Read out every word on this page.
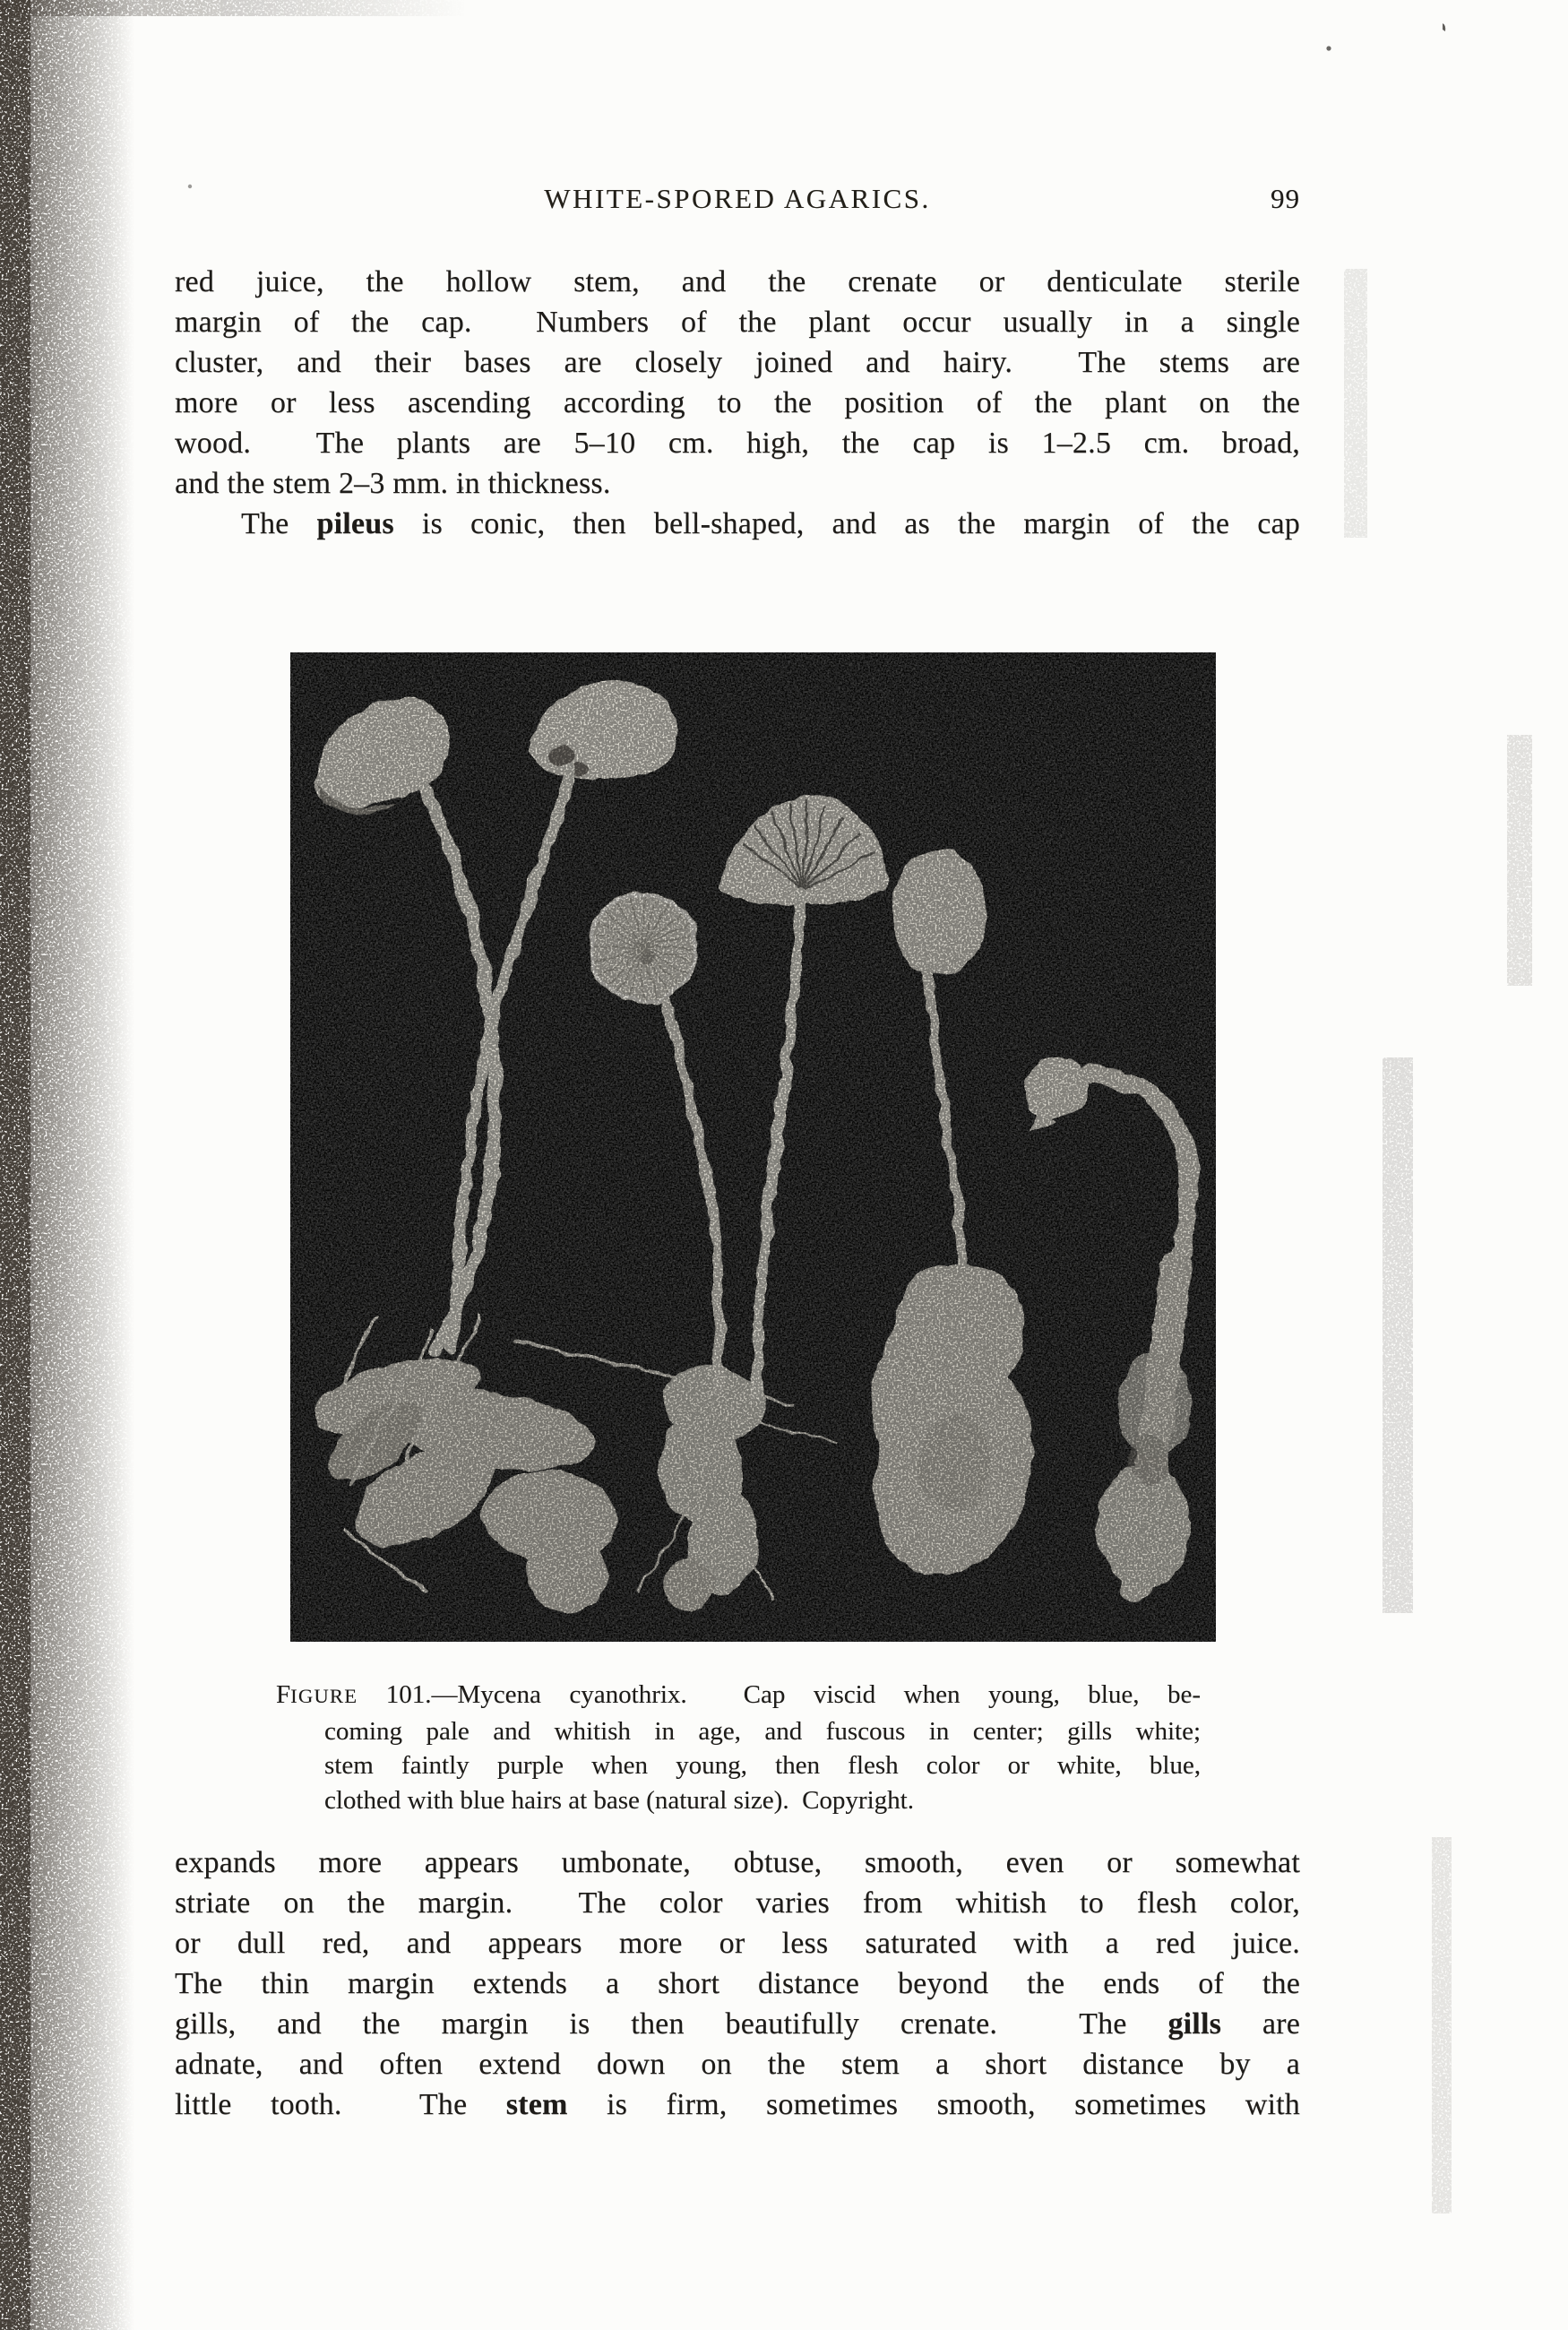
WHITE-SPORED AGARICS.	99
red juice, the hollow stem, and the crenate or denticulate sterile
margin of the cap.  Numbers of the plant occur usually in a single
cluster, and their bases are closely joined and hairy.  The stems are
more or less ascending according to the position of the plant on the
wood.  The plants are 5–10 cm. high, the cap is 1–2.5 cm. broad,
and the stem 2–3 mm. in thickness.
The pileus is conic, then bell-shaped, and as the margin of the cap
FIGURE 101.—Mycena cyanothrix.  Cap viscid when young, blue, be-
coming pale and whitish in age, and fuscous in center; gills white;
stem faintly purple when young, then flesh color or white, blue,
clothed with blue hairs at base (natural size).  Copyright.
expands more appears umbonate, obtuse, smooth, even or somewhat
striate on the margin.  The color varies from whitish to flesh color,
or dull red, and appears more or less saturated with a red juice.
The thin margin extends a short distance beyond the ends of the
gills, and the margin is then beautifully crenate.  The gills are
adnate, and often extend down on the stem a short distance by a
little tooth.  The stem is firm, sometimes smooth, sometimes with
